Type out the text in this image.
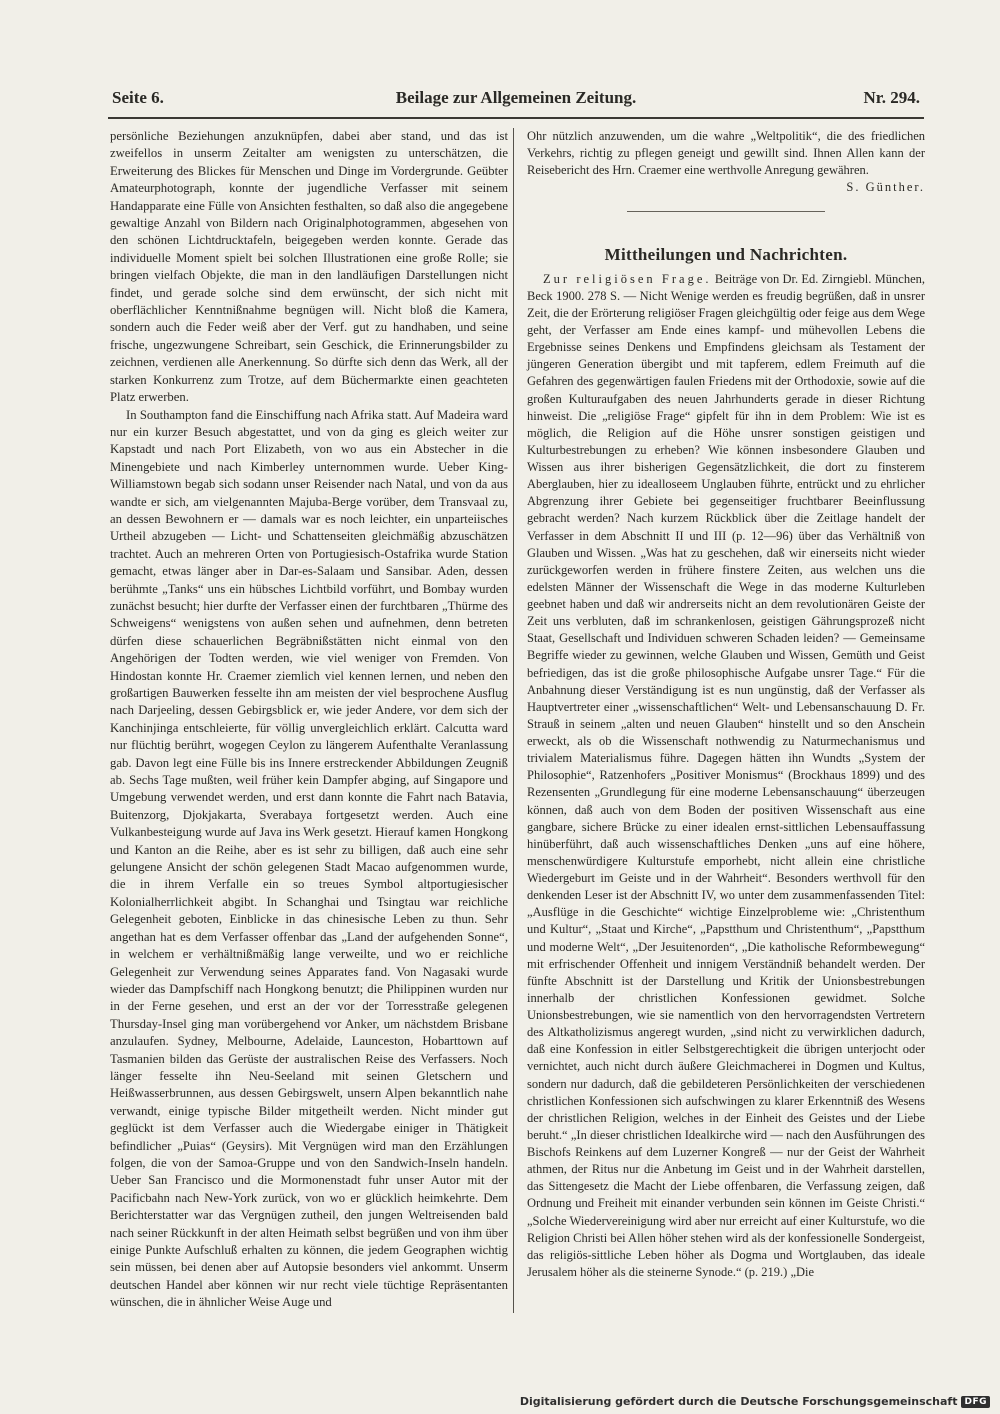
Seite 6.	Beilage zur Allgemeinen Zeitung.	Nr. 294.

persönliche Beziehungen anzuknüpfen, dabei aber stand, und das ist zweifellos in unserm Zeitalter am wenigsten zu unterschätzen, die Erweiterung des Blickes für Menschen und Dinge im Vordergrunde. Geübter Amateurphotograph, konnte der jugendliche Verfasser mit seinem Handapparate eine Fülle von Ansichten festhalten, so daß also die angegebene gewaltige Anzahl von Bildern nach Originalphotogrammen, abgesehen von den schönen Lichtdrucktafeln, beigegeben werden konnte. Gerade das individuelle Moment spielt bei solchen Illustrationen eine große Rolle; sie bringen vielfach Objekte, die man in den landläufigen Darstellungen nicht findet, und gerade solche sind dem erwünscht, der sich nicht mit oberflächlicher Kenntnißnahme begnügen will. Nicht bloß die Kamera, sondern auch die Feder weiß aber der Verf. gut zu handhaben, und seine frische, ungezwungene Schreibart, sein Geschick, die Erinnerungsbilder zu zeichnen, verdienen alle Anerkennung. So dürfte sich denn das Werk, all der starken Konkurrenz zum Trotze, auf dem Büchermarkte einen geachteten Platz erwerben.

In Southampton fand die Einschiffung nach Afrika statt. Auf Madeira ward nur ein kurzer Besuch abgestattet, und von da ging es gleich weiter zur Kapstadt und nach Port Elizabeth, von wo aus ein Abstecher in die Minengebiete und nach Kimberley unternommen wurde. Ueber King-Williamstown begab sich sodann unser Reisender nach Natal, und von da aus wandte er sich, am vielgenannten Majuba-Berge vorüber, dem Transvaal zu, an dessen Bewohnern er — damals war es noch leichter, ein unparteiisches Urtheil abzugeben — Licht- und Schattenseiten gleichmäßig abzuschätzen trachtet. Auch an mehreren Orten von Portugiesisch-Ostafrika wurde Station gemacht, etwas länger aber in Dar-es-Salaam und Sansibar. Aden, dessen berühmte „Tanks“ uns ein hübsches Lichtbild vorführt, und Bombay wurden zunächst besucht; hier durfte der Verfasser einen der furchtbaren „Thürme des Schweigens“ wenigstens von außen sehen und aufnehmen, denn betreten dürfen diese schauerlichen Begräbnißstätten nicht einmal von den Angehörigen der Todten werden, wie viel weniger von Fremden. Von Hindostan konnte Hr. Craemer ziemlich viel kennen lernen, und neben den großartigen Bauwerken fesselte ihn am meisten der viel besprochene Ausflug nach Darjeeling, dessen Gebirgsblick er, wie jeder Andere, vor dem sich der Kanchinjinga entschleierte, für völlig unvergleichlich erklärt. Calcutta ward nur flüchtig berührt, wogegen Ceylon zu längerem Aufenthalte Veranlassung gab. Davon legt eine Fülle bis ins Innere erstreckender Abbildungen Zeugniß ab. Sechs Tage mußten, weil früher kein Dampfer abging, auf Singapore und Umgebung verwendet werden, und erst dann konnte die Fahrt nach Batavia, Buitenzorg, Djokjakarta, Sverabaya fortgesetzt werden. Auch eine Vulkanbesteigung wurde auf Java ins Werk gesetzt. Hierauf kamen Hongkong und Kanton an die Reihe, aber es ist sehr zu billigen, daß auch eine sehr gelungene Ansicht der schön gelegenen Stadt Macao aufgenommen wurde, die in ihrem Verfalle ein so treues Symbol altportugiesischer Kolonialherrlichkeit abgibt. In Schanghai und Tsingtau war reichliche Gelegenheit geboten, Einblicke in das chinesische Leben zu thun. Sehr angethan hat es dem Verfasser offenbar das „Land der aufgehenden Sonne“, in welchem er verhältnißmäßig lange verweilte, und wo er reichliche Gelegenheit zur Verwendung seines Apparates fand. Von Nagasaki wurde wieder das Dampfschiff nach Hongkong benutzt; die Philippinen wurden nur in der Ferne gesehen, und erst an der vor der Torresstraße gelegenen Thursday-Insel ging man vorübergehend vor Anker, um nächstdem Brisbane anzulaufen. Sydney, Melbourne, Adelaide, Launceston, Hobarttown auf Tasmanien bilden das Gerüste der australischen Reise des Verfassers. Noch länger fesselte ihn Neu-Seeland mit seinen Gletschern und Heißwasserbrunnen, aus dessen Gebirgswelt, unsern Alpen bekanntlich nahe verwandt, einige typische Bilder mitgetheilt werden. Nicht minder gut geglückt ist dem Verfasser auch die Wiedergabe einiger in Thätigkeit befindlicher „Puias“ (Geysirs). Mit Vergnügen wird man den Erzählungen folgen, die von der Samoa-Gruppe und von den Sandwich-Inseln handeln. Ueber San Francisco und die Mormonenstadt fuhr unser Autor mit der Pacificbahn nach New-York zurück, von wo er glücklich heimkehrte. Dem Berichterstatter war das Vergnügen zutheil, den jungen Weltreisenden bald nach seiner Rückkunft in der alten Heimath selbst begrüßen und von ihm über einige Punkte Aufschluß erhalten zu können, die jedem Geographen wichtig sein müssen, bei denen aber auf Autopsie besonders viel ankommt. Unserm deutschen Handel aber können wir nur recht viele tüchtige Repräsentanten wünschen, die in ähnlicher Weise Auge und

Ohr nützlich anzuwenden, um die wahre „Weltpolitik“, die des friedlichen Verkehrs, richtig zu pflegen geneigt und gewillt sind. Ihnen Allen kann der Reisebericht des Hrn. Craemer eine werthvolle Anregung gewähren.

S. Günther.

Mittheilungen und Nachrichten.

Zur religiösen Frage. Beiträge von Dr. Ed. Zirngiebl. München, Beck 1900. 278 S. — Nicht Wenige werden es freudig begrüßen, daß in unsrer Zeit, die der Erörterung religiöser Fragen gleichgültig oder feige aus dem Wege geht, der Verfasser am Ende eines kampf- und mühevollen Lebens die Ergebnisse seines Denkens und Empfindens gleichsam als Testament der jüngeren Generation übergibt und mit tapferem, edlem Freimuth auf die Gefahren des gegenwärtigen faulen Friedens mit der Orthodoxie, sowie auf die großen Kulturaufgaben des neuen Jahrhunderts gerade in dieser Richtung hinweist. Die „religiöse Frage“ gipfelt für ihn in dem Problem: Wie ist es möglich, die Religion auf die Höhe unsrer sonstigen geistigen und Kulturbestrebungen zu erheben? Wie können insbesondere Glauben und Wissen aus ihrer bisherigen Gegensätzlichkeit, die dort zu finsterem Aberglauben, hier zu idealloseem Unglauben führte, entrückt und zu ehrlicher Abgrenzung ihrer Gebiete bei gegenseitiger fruchtbarer Beeinflussung gebracht werden? Nach kurzem Rückblick über die Zeitlage handelt der Verfasser in dem Abschnitt II und III (p. 12—96) über das Verhältniß von Glauben und Wissen. „Was hat zu geschehen, daß wir einerseits nicht wieder zurückgeworfen werden in frühere finstere Zeiten, aus welchen uns die edelsten Männer der Wissenschaft die Wege in das moderne Kulturleben geebnet haben und daß wir andrerseits nicht an dem revolutionären Geiste der Zeit uns verbluten, daß im schrankenlosen, geistigen Gährungsprozeß nicht Staat, Gesellschaft und Individuen schweren Schaden leiden? — Gemeinsame Begriffe wieder zu gewinnen, welche Glauben und Wissen, Gemüth und Geist befriedigen, das ist die große philosophische Aufgabe unsrer Tage.“ Für die Anbahnung dieser Verständigung ist es nun ungünstig, daß der Verfasser als Hauptvertreter einer „wissenschaftlichen“ Welt- und Lebensanschauung D. Fr. Strauß in seinem „alten und neuen Glauben“ hinstellt und so den Anschein erweckt, als ob die Wissenschaft nothwendig zu Naturmechanismus und trivialem Materialismus führe. Dagegen hätten ihn Wundts „System der Philosophie“, Ratzenhofers „Positiver Monismus“ (Brockhaus 1899) und des Rezensenten „Grundlegung für eine moderne Lebensanschauung“ überzeugen können, daß auch von dem Boden der positiven Wissenschaft aus eine gangbare, sichere Brücke zu einer idealen ernst-sittlichen Lebensauffassung hinüberführt, daß auch wissenschaftliches Denken „uns auf eine höhere, menschenwürdigere Kulturstufe emporhebt, nicht allein eine christliche Wiedergeburt im Geiste und in der Wahrheit“. Besonders werthvoll für den denkenden Leser ist der Abschnitt IV, wo unter dem zusammenfassenden Titel: „Ausflüge in die Geschichte“ wichtige Einzelprobleme wie: „Christenthum und Kultur“, „Staat und Kirche“, „Papstthum und Christenthum“, „Papstthum und moderne Welt“, „Der Jesuitenorden“, „Die katholische Reformbewegung“ mit erfrischender Offenheit und innigem Verständniß behandelt werden. Der fünfte Abschnitt ist der Darstellung und Kritik der Unionsbestrebungen innerhalb der christlichen Konfessionen gewidmet. Solche Unionsbestrebungen, wie sie namentlich von den hervorragendsten Vertretern des Altkatholizismus angeregt wurden, „sind nicht zu verwirklichen dadurch, daß eine Konfession in eitler Selbstgerechtigkeit die übrigen unterjocht oder vernichtet, auch nicht durch äußere Gleichmacherei in Dogmen und Kultus, sondern nur dadurch, daß die gebildeteren Persönlichkeiten der verschiedenen christlichen Konfessionen sich aufschwingen zu klarer Erkenntniß des Wesens der christlichen Religion, welches in der Einheit des Geistes und der Liebe beruht.“ „In dieser christlichen Idealkirche wird — nach den Ausführungen des Bischofs Reinkens auf dem Luzerner Kongreß — nur der Geist der Wahrheit athmen, der Ritus nur die Anbetung im Geist und in der Wahrheit darstellen, das Sittengesetz die Macht der Liebe offenbaren, die Verfassung zeigen, daß Ordnung und Freiheit mit einander verbunden sein können im Geiste Christi.“ „Solche Wiedervereinigung wird aber nur erreicht auf einer Kulturstufe, wo die Religion Christi bei Allen höher stehen wird als der konfessionelle Sondergeist, das religiös-sittliche Leben höher als Dogma und Wortglauben, das ideale Jerusalem höher als die steinerne Synode.“ (p. 219.) „Die

Digitalisierung gefördert durch die Deutsche Forschungsgemeinschaft DFG
